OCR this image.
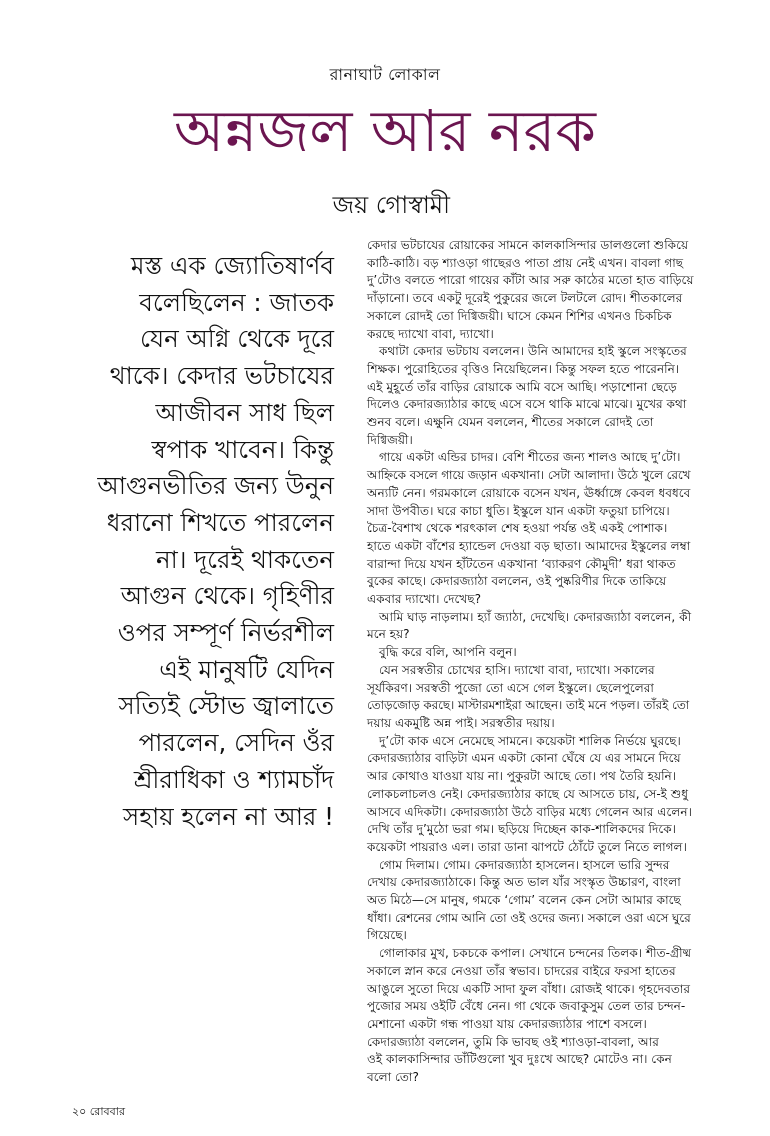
রানাঘাট লোকাল
অন্নজল আর নরক
জয় গোস্বামী
মস্ত এক জ্যোতিষার্ণব
বলেছিলেন : জাতক
যেন অগ্নি থেকে দূরে
থাকে। কেদার ভটচাযের
আজীবন সাধ ছিল
স্বপাক খাবেন। কিন্তু
আগুনভীতির জন্য উনুন
ধরানো শিখতে পারলেন
না। দূরেই থাকতেন
আগুন থেকে। গৃহিণীর
ওপর সম্পূর্ণ নির্ভরশীল
এই মানুষটি যেদিন
সত্যিই স্টোভ জ্বালাতে
পারলেন, সেদিন ওঁর
শ্রীরাধিকা ও শ্যামচাঁদ
সহায় হলেন না আর !
কেদার ভটচাযের রোয়াকের সামনে কালকাসিন্দার ডালগুলো শুকিয়ে
কাঠি-কাঠি। বড় শ্যাওড়া গাছেরও পাতা প্রায় নেই এখন। বাবলা গাছ
দু’টোও বলতে পারো গায়ের কাঁটা আর সরু কাঠের মতো হাত বাড়িয়ে
দাঁড়ানো। তবে একটু দূরেই পুকুরের জলে টলটলে রোদ। শীতকালের
সকালে রোদই তো দিগ্বিজয়ী। ঘাসে কেমন শিশির এখনও চিকচিক
করছে দ্যাখো বাবা, দ্যাখো।
কথাটা কেদার ভটচায বললেন। উনি আমাদের হাই স্কুলে সংস্কৃতের
শিক্ষক। পুরোহিতের বৃত্তিও নিয়েছিলেন। কিন্তু সফল হতে পারেননি।
এই মুহূর্তে তাঁর বাড়ির রোয়াকে আমি বসে আছি। পড়াশোনা ছেড়ে
দিলেও কেদারজ্যাঠার কাছে এসে বসে থাকি মাঝে মাঝে। মুখের কথা
শুনব বলে। এক্ষুনি যেমন বললেন, শীতের সকালে রোদই তো
দিগ্বিজয়ী।
গায়ে একটা এন্ডির চাদর। বেশি শীতের জন্য শালও আছে দু’টো।
আহ্নিকে বসলে গায়ে জড়ান একখানা। সেটা আলাদা। উঠে খুলে রেখে
অন্যটি নেন। গরমকালে রোয়াকে বসেন যখন, ঊর্ধ্বাঙ্গে কেবল ধবধবে
সাদা উপবীত। ঘরে কাচা ধুতি। ইস্কুলে যান একটা ফতুয়া চাপিয়ে।
চৈত্র-বৈশাখ থেকে শরৎকাল শেষ হওয়া পর্যন্ত ওই একই পোশাক।
হাতে একটা বাঁশের হ্যান্ডেল দেওয়া বড় ছাতা। আমাদের ইস্কুলের লম্বা
বারান্দা দিয়ে যখন হাঁটতেন একখানা ‘ব্যাকরণ কৌমুদী’ ধরা থাকত
বুকের কাছে। কেদারজ্যাঠা বললেন, ওই পুষ্করিণীর দিকে তাকিয়ে
একবার দ্যাখো। দেখেছ?
আমি ঘাড় নাড়লাম। হ্যাঁ জ্যাঠা, দেখেছি। কেদারজ্যাঠা বললেন, কী
মনে হয়?
বুদ্ধি করে বলি, আপনি বলুন।
যেন সরস্বতীর চোখের হাসি। দ্যাখো বাবা, দ্যাখো। সকালের
সূর্যকিরণ। সরস্বতী পুজো তো এসে গেল ইস্কুলে। ছেলেপুলেরা
তোড়জোড় করছে। মাস্টারমশাইরা আছেন। তাই মনে পড়ল। তাঁরই তো
দয়ায় একমুষ্টি অন্ন পাই। সরস্বতীর দয়ায়।
দু’টো কাক এসে নেমেছে সামনে। কয়েকটা শালিক নির্ভয়ে ঘুরছে।
কেদারজ্যাঠার বাড়িটা এমন একটা কোনা ঘেঁষে যে এর সামনে দিয়ে
আর কোথাও যাওয়া যায় না। পুকুরটা আছে তো। পথ তৈরি হয়নি।
লোকচলাচলও নেই। কেদারজ্যাঠার কাছে যে আসতে চায়, সে-ই শুধু
আসবে এদিকটা। কেদারজ্যাঠা উঠে বাড়ির মধ্যে গেলেন আর এলেন।
দেখি তাঁর দু’মুঠো ভরা গম। ছড়িয়ে দিচ্ছেন কাক-শালিকদের দিকে।
কয়েকটা পায়রাও এল। তারা ডানা ঝাপটে ঠোঁটে তুলে নিতে লাগল।
গোম দিলাম। গোম। কেদারজ্যাঠা হাসলেন। হাসলে ভারি সুন্দর
দেখায় কেদারজ্যাঠাকে। কিন্তু অত ভাল যাঁর সংস্কৃত উচ্চারণ, বাংলা
অত মিঠে—সে মানুষ, গমকে ‘গোম’ বলেন কেন সেটা আমার কাছে
ধাঁধা। রেশনের গোম আনি তো ওই ওদের জন্য। সকালে ওরা এসে ঘুরে
গিয়েছে।
গোলাকার মুখ, চকচকে কপাল। সেখানে চন্দনের তিলক। শীত-গ্রীষ্ম
সকালে স্নান করে নেওয়া তাঁর স্বভাব। চাদরের বাইরে ফরসা হাতের
আঙুলে সুতো দিয়ে একটি সাদা ফুল বাঁধা। রোজই থাকে। গৃহদেবতার
পুজোর সময় ওইটি বেঁধে নেন। গা থেকে জবাকুসুম তেল তার চন্দন-
মেশানো একটা গন্ধ পাওয়া যায় কেদারজ্যাঠার পাশে বসলে।
কেদারজ্যাঠা বললেন, তুমি কি ভাবছ ওই শ্যাওড়া-বাবলা, আর
ওই কালকাসিন্দার ডাঁটিগুলো খুব দুঃখে আছে? মোটেও না। কেন
বলো তো?
২০ রোববার
